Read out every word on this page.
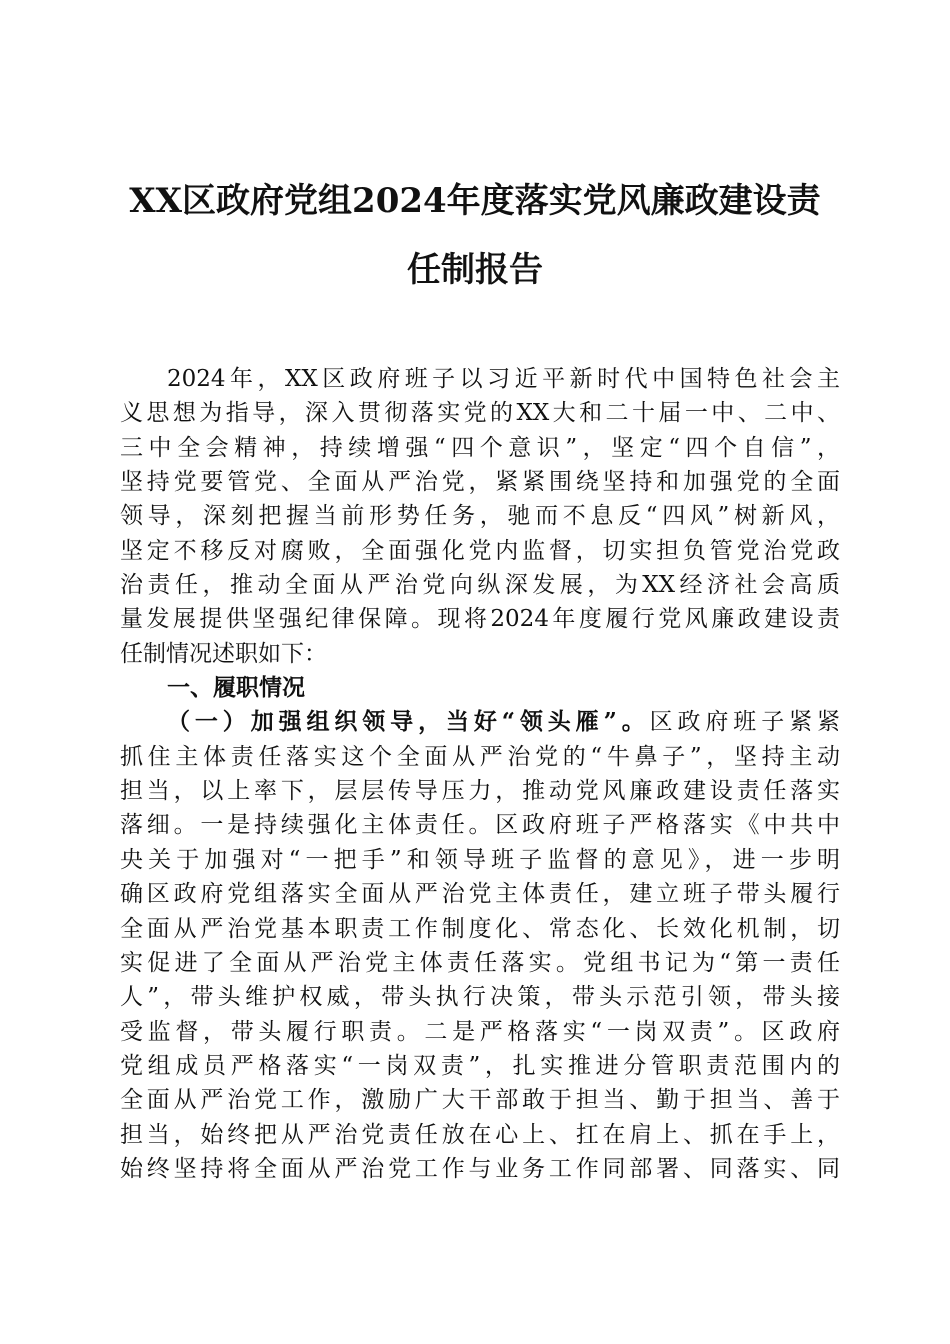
XX区政府党组2024年度落实党风廉政建设责
任制报告
2024年，XX区政府班子以习近平新时代中国特色社会主
义思想为指导，深入贯彻落实党的XX大和二十届一中、二中、
三中全会精神，持续增强“四个意识”，坚定“四个自信”，
坚持党要管党、全面从严治党，紧紧围绕坚持和加强党的全面
领导，深刻把握当前形势任务，驰而不息反“四风”树新风，
坚定不移反对腐败，全面强化党内监督，切实担负管党治党政
治责任，推动全面从严治党向纵深发展，为XX经济社会高质
量发展提供坚强纪律保障。现将2024年度履行党风廉政建设责
任制情况述职如下：
一、履职情况
（一）加强组织领导，当好“领头雁”。区政府班子紧紧
抓住主体责任落实这个全面从严治党的“牛鼻子”，坚持主动
担当，以上率下，层层传导压力，推动党风廉政建设责任落实
落细。一是持续强化主体责任。区政府班子严格落实《中共中
央关于加强对“一把手”和领导班子监督的意见》，进一步明
确区政府党组落实全面从严治党主体责任，建立班子带头履行
全面从严治党基本职责工作制度化、常态化、长效化机制，切
实促进了全面从严治党主体责任落实。党组书记为“第一责任
人”，带头维护权威，带头执行决策，带头示范引领，带头接
受监督，带头履行职责。二是严格落实“一岗双责”。区政府
党组成员严格落实“一岗双责”，扎实推进分管职责范围内的
全面从严治党工作，激励广大干部敢于担当、勤于担当、善于
担当，始终把从严治党责任放在心上、扛在肩上、抓在手上，
始终坚持将全面从严治党工作与业务工作同部署、同落实、同
